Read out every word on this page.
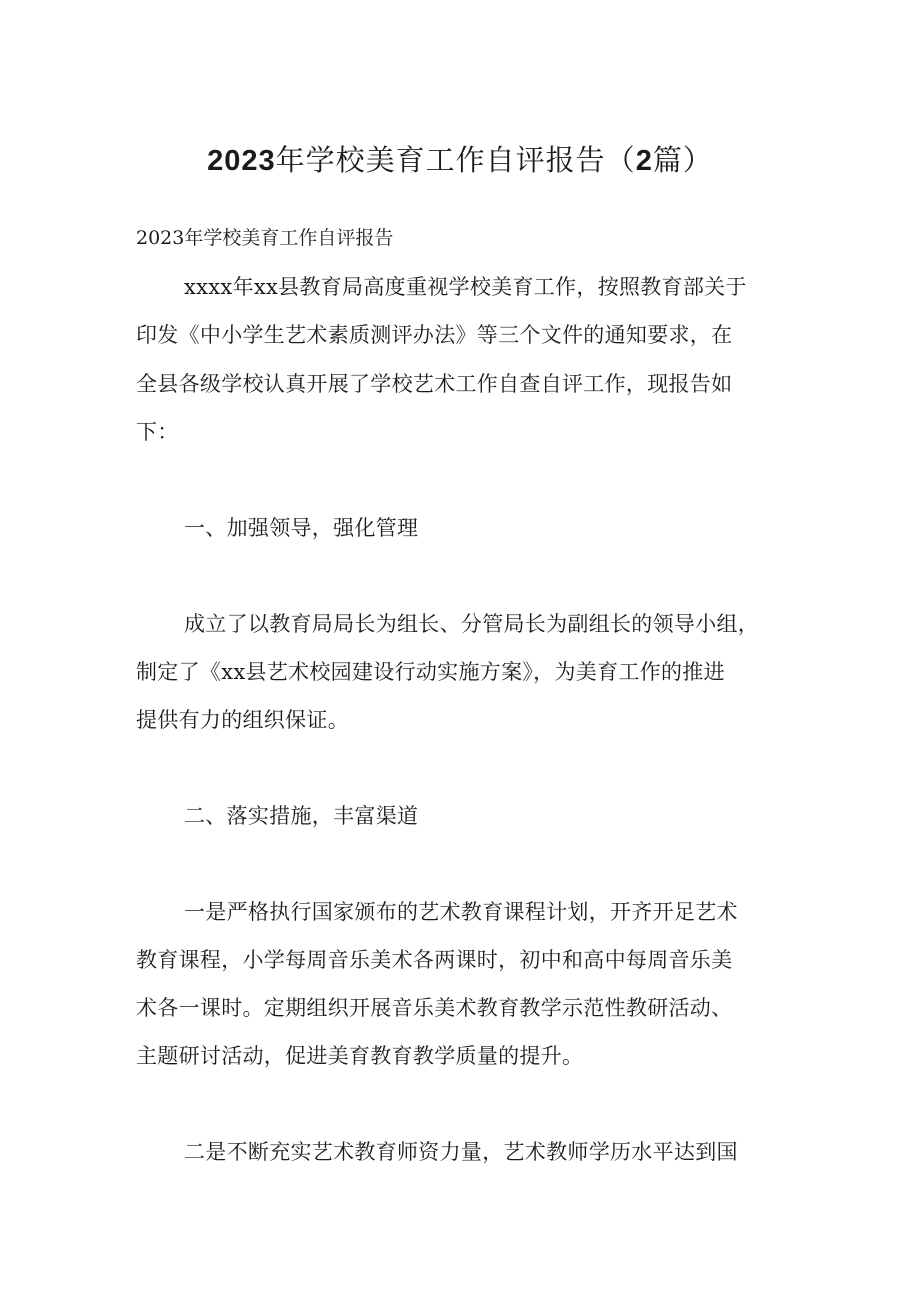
2023年学校美育工作自评报告（2篇）
2023年学校美育工作自评报告
xxxx年xx县教育局高度重视学校美育工作，按照教育部关于
印发《中小学生艺术素质测评办法》等三个文件的通知要求，在
全县各级学校认真开展了学校艺术工作自查自评工作，现报告如
下：
一、加强领导，强化管理
成立了以教育局局长为组长、分管局长为副组长的领导小组，
制定了《xx县艺术校园建设行动实施方案》，为美育工作的推进
提供有力的组织保证。
二、落实措施，丰富渠道
一是严格执行国家颁布的艺术教育课程计划，开齐开足艺术
教育课程，小学每周音乐美术各两课时，初中和高中每周音乐美
术各一课时。定期组织开展音乐美术教育教学示范性教研活动、
主题研讨活动，促进美育教育教学质量的提升。
二是不断充实艺术教育师资力量，艺术教师学历水平达到国
